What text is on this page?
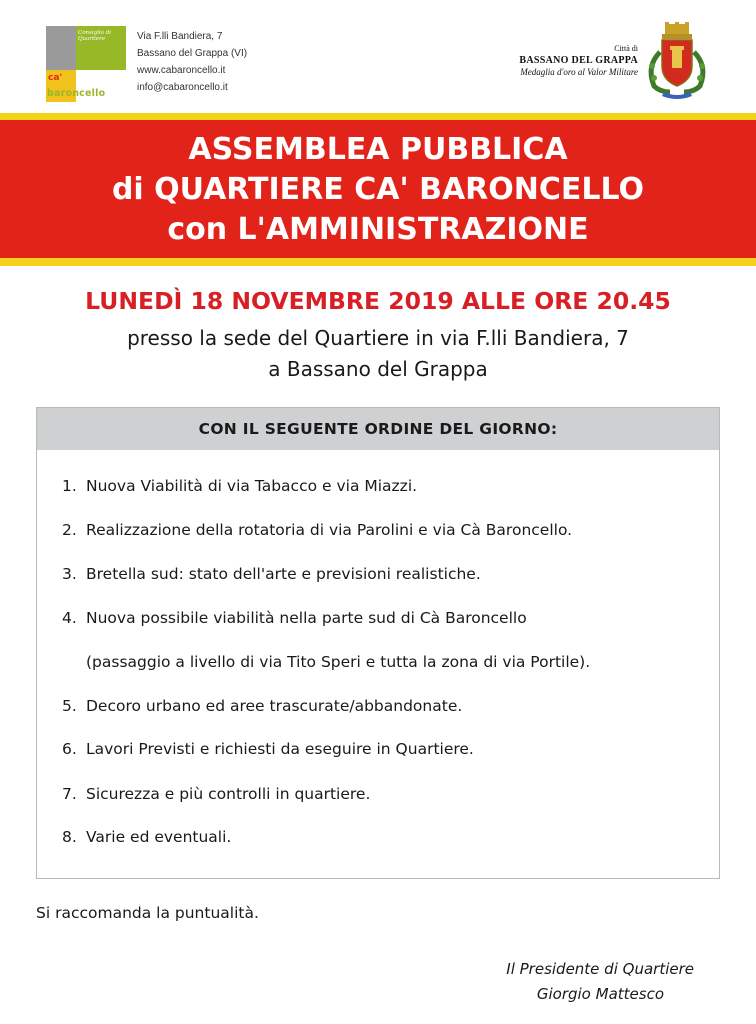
Consiglio di Quartiere
ca'
baroncello
Via F.lli Bandiera, 7
Bassano del Grappa (VI)
www.cabaroncello.it
info@cabaroncello.it
Città di
BASSANO DEL GRAPPA
Medaglia d'oro al Valor Militare
ASSEMBLEA PUBBLICA
di QUARTIERE CA' BARONCELLO
con L'AMMINISTRAZIONE
LUNEDÌ 18 NOVEMBRE 2019 ALLE ORE 20.45
presso la sede del Quartiere in via F.lli Bandiera, 7
a Bassano del Grappa
CON IL SEGUENTE ORDINE DEL GIORNO:
1. Nuova Viabilità di via Tabacco e via Miazzi.
2. Realizzazione della rotatoria di via Parolini e via Cà Baroncello.
3. Bretella sud: stato dell'arte e previsioni realistiche.
4. Nuova possibile viabilità nella parte sud di Cà Baroncello
(passaggio a livello di via Tito Speri e tutta la zona di via Portile).
5. Decoro urbano ed aree trascurate/abbandonate.
6. Lavori Previsti e richiesti da eseguire in Quartiere.
7. Sicurezza e più controlli in quartiere.
8. Varie ed eventuali.
Si raccomanda la puntualità.
Il Presidente di Quartiere
Giorgio Mattesco
